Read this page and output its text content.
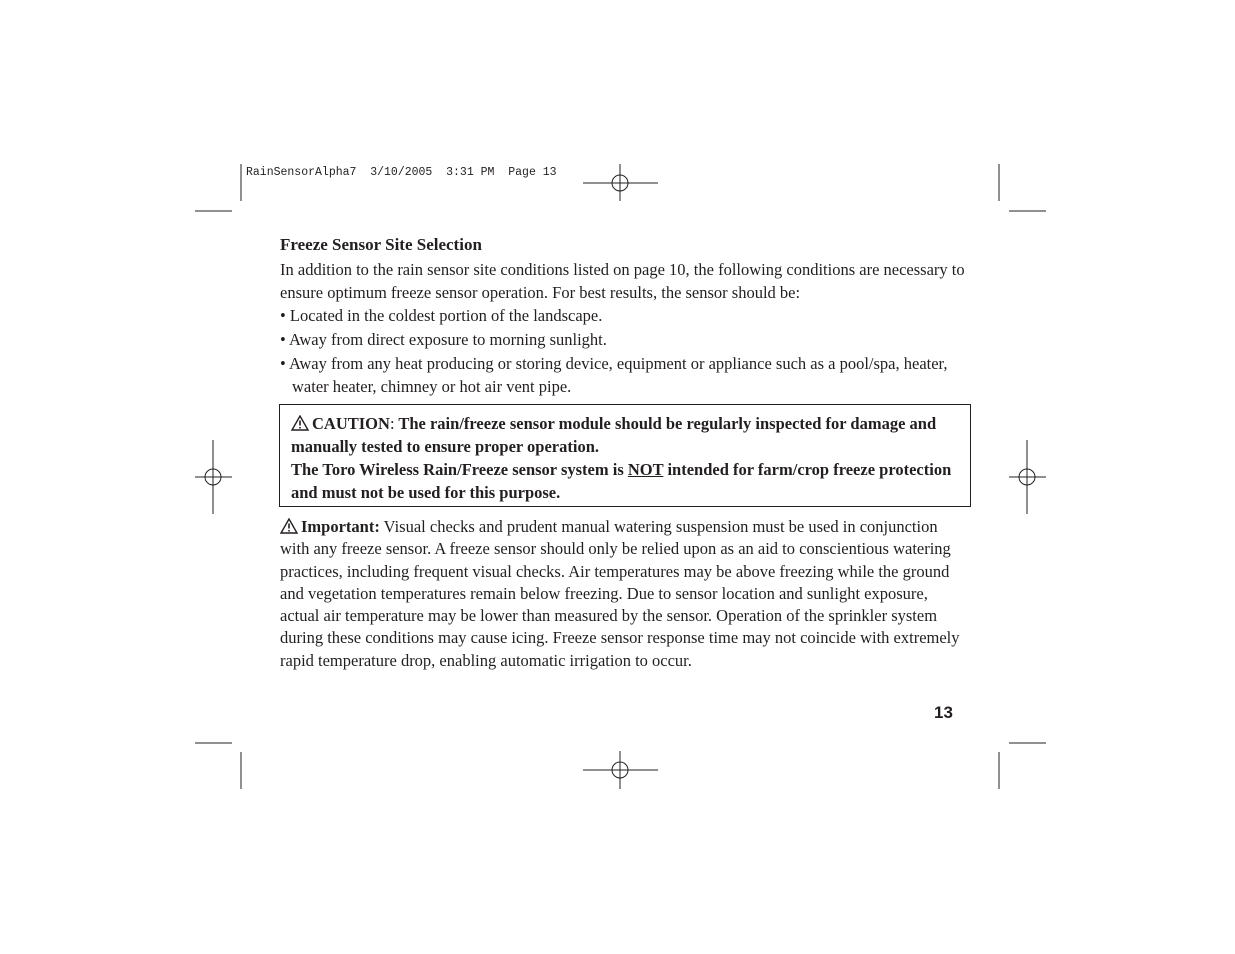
RainSensorAlpha7  3/10/2005  3:31 PM  Page 13

Freeze Sensor Site Selection

In addition to the rain sensor site conditions listed on page 10, the following conditions are necessary to ensure optimum freeze sensor operation. For best results, the sensor should be:

• Located in the coldest portion of the landscape.

• Away from direct exposure to morning sunlight.

• Away from any heat producing or storing device, equipment or appliance such as a pool/spa, heater, water heater, chimney or hot air vent pipe.

CAUTION: The rain/freeze sensor module should be regularly inspected for damage and manually tested to ensure proper operation.

The Toro Wireless Rain/Freeze sensor system is NOT intended for farm/crop freeze protection and must not be used for this purpose.

Important: Visual checks and prudent manual watering suspension must be used in conjunction with any freeze sensor. A freeze sensor should only be relied upon as an aid to conscientious watering practices, including frequent visual checks. Air temperatures may be above freezing while the ground and vegetation temperatures remain below freezing. Due to sensor location and sunlight exposure, actual air temperature may be lower than measured by the sensor. Operation of the sprinkler system during these conditions may cause icing. Freeze sensor response time may not coincide with extremely rapid temperature drop, enabling automatic irrigation to occur.
13
